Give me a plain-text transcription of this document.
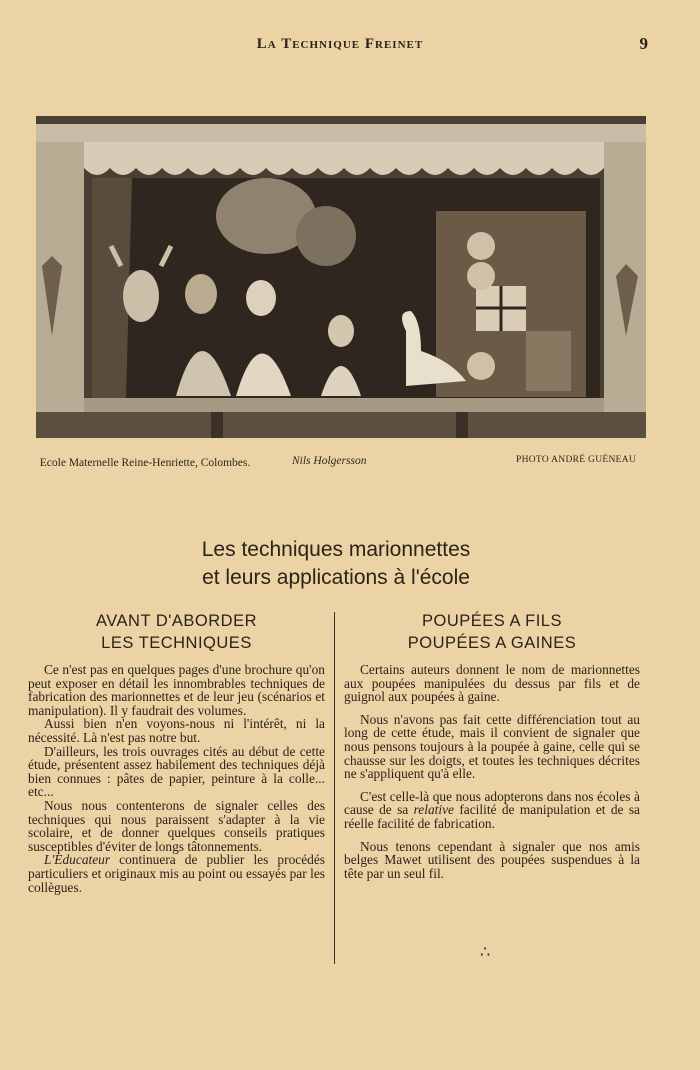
La Technique Freinet	9
Ecole Maternelle Reine-Henriette, Colombes.	Nils Holgersson	PHOTO ANDRÉ GUÉNEAU
Les techniques marionnettes
et leurs applications à l'école
AVANT D'ABORDER
LES TECHNIQUES

Ce n'est pas en quelques pages d'une brochure qu'on peut exposer en détail les innombrables techniques de fabrication des marionnettes et de leur jeu (scénarios et manipulation). Il y faudrait des volumes.

Aussi bien n'en voyons-nous ni l'intérêt, ni la nécessité. Là n'est pas notre but.

D'ailleurs, les trois ouvrages cités au début de cette étude, présentent assez habilement des techniques déjà bien connues : pâtes de papier, peinture à la colle... etc...

Nous nous contenterons de signaler celles des techniques qui nous paraissent s'adapter à la vie scolaire, et de donner quelques conseils pratiques susceptibles d'éviter de longs tâtonnements.

L'Educateur continuera de publier les procédés particuliers et originaux mis au point ou essayés par les collègues.

POUPÉES A FILS
POUPÉES A GAINES

Certains auteurs donnent le nom de marionnettes aux poupées manipulées du dessus par fils et de guignol aux poupées à gaine.

Nous n'avons pas fait cette différenciation tout au long de cette étude, mais il convient de signaler que nous pensons toujours à la poupée à gaine, celle qui se chausse sur les doigts, et toutes les techniques décrites ne s'appliquent qu'à elle.

C'est celle-là que nous adopterons dans nos écoles à cause de sa relative facilité de manipulation et de sa réelle facilité de fabrication.

Nous tenons cependant à signaler que nos amis belges Mawet utilisent des poupées suspendues à la tête par un seul fil.

∴
